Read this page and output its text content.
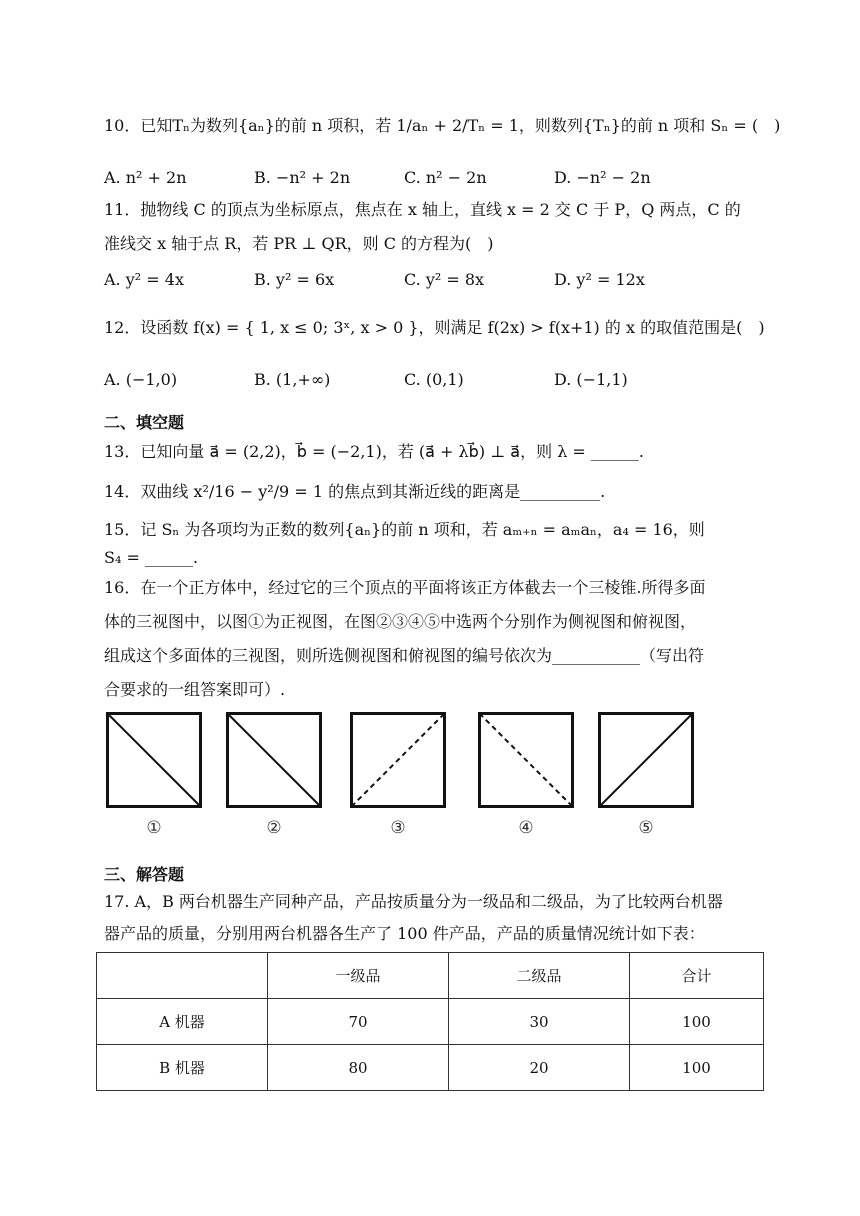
10．已知Tₙ为数列{aₙ}的前 n 项积，若 1/aₙ + 2/Tₙ = 1，则数列{Tₙ}的前 n 项和 Sₙ = (　)
A. n² + 2n	B. −n² + 2n	C. n² − 2n	D. −n² − 2n
11．抛物线 C 的顶点为坐标原点，焦点在 x 轴上，直线 x = 2 交 C 于 P，Q 两点，C 的
准线交 x 轴于点 R，若 PR ⊥ QR，则 C 的方程为(　)
A. y² = 4x	B. y² = 6x	C. y² = 8x	D. y² = 12x
12．设函数 f(x) = { 1, x ≤ 0; 3ˣ, x > 0 }，则满足 f(2x) > f(x+1) 的 x 的取值范围是(　)
A. (−1,0)	B. (1,+∞)	C. (0,1)	D. (−1,1)
二、填空题
13．已知向量 a⃗ = (2,2)，b⃗ = (−2,1)，若 (a⃗ + λb⃗) ⊥ a⃗，则 λ = ______.
14．双曲线 x²/16 − y²/9 = 1 的焦点到其渐近线的距离是__________.
15．记 Sₙ 为各项均为正数的数列{aₙ}的前 n 项和，若 aₘ₊ₙ = aₘaₙ，a₄ = 16，则
S₄ = ______.
16．在一个正方体中，经过它的三个顶点的平面将该正方体截去一个三棱锥.所得多面
体的三视图中，以图①为正视图，在图②③④⑤中选两个分别作为侧视图和俯视图，
组成这个多面体的三视图，则所选侧视图和俯视图的编号依次为___________（写出符
合要求的一组答案即可）.
①	②	③	④	⑤
三、解答题
17. A，B 两台机器生产同种产品，产品按质量分为一级品和二级品，为了比较两台机器
器产品的质量，分别用两台机器各生产了 100 件产品，产品的质量情况统计如下表：
	一级品	二级品	合计
A 机器	70	30	100
B 机器	80	20	100
